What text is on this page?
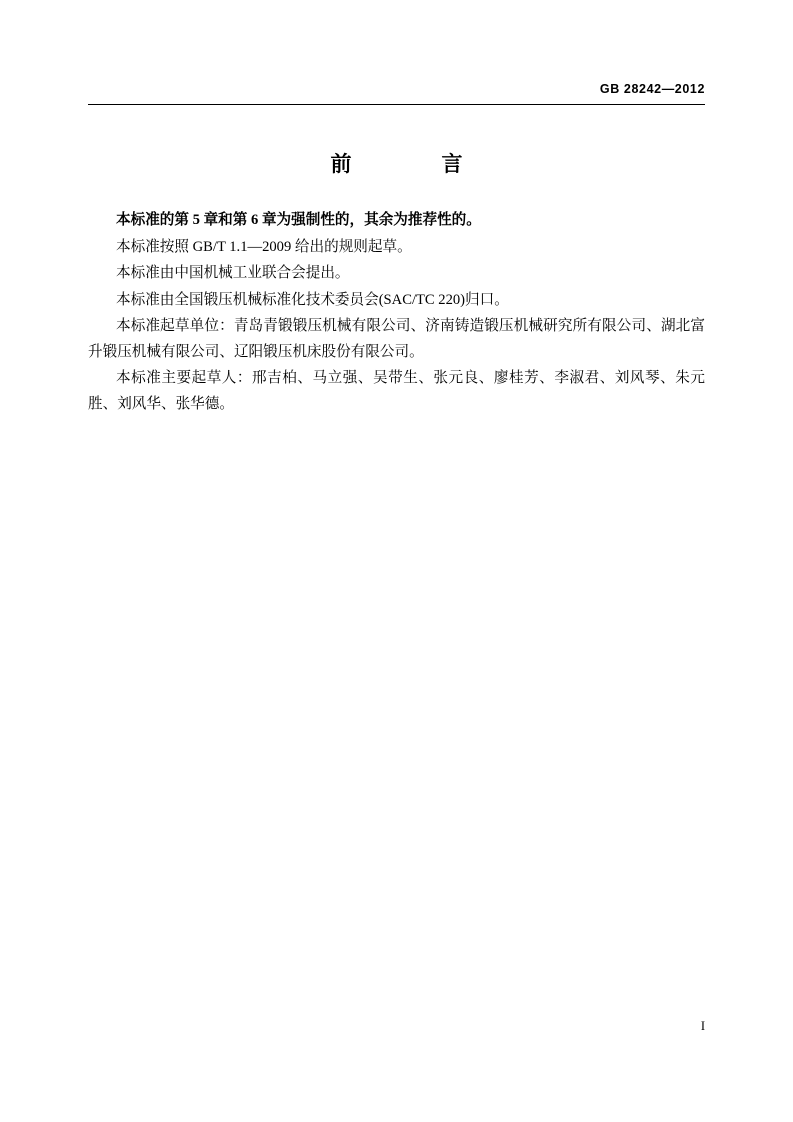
GB 28242—2012
前　　言

本标准的第 5 章和第 6 章为强制性的，其余为推荐性的。

本标准按照 GB/T 1.1—2009 给出的规则起草。

本标准由中国机械工业联合会提出。

本标准由全国锻压机械标准化技术委员会(SAC/TC 220)归口。

本标准起草单位：青岛青锻锻压机械有限公司、济南铸造锻压机械研究所有限公司、湖北富升锻压机械有限公司、辽阳锻压机床股份有限公司。

本标准主要起草人：邢吉柏、马立强、吴带生、张元良、廖桂芳、李淑君、刘风琴、朱元胜、刘风华、张华德。

I
